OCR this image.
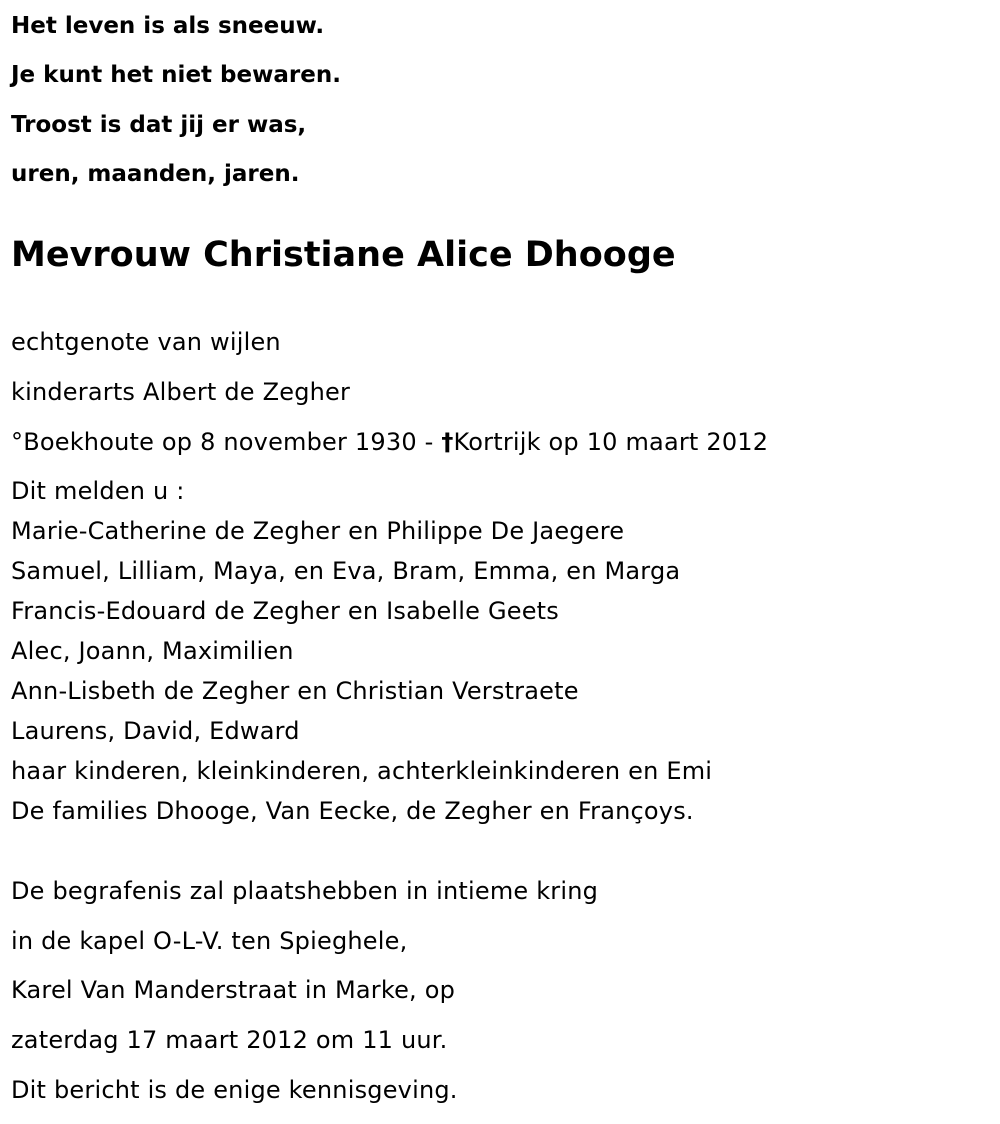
Het leven is als sneeuw.
Je kunt het niet bewaren.
Troost is dat jij er was,
uren, maanden, jaren.
Mevrouw Christiane Alice Dhooge
echtgenote van wijlen
kinderarts Albert de Zegher
°Boekhoute op 8 november 1930 - †Kortrijk op 10 maart 2012
Dit melden u :
Marie-Catherine de Zegher en Philippe De Jaegere
Samuel, Lilliam, Maya, en Eva, Bram, Emma, en Marga
Francis-Edouard de Zegher en Isabelle Geets
Alec, Joann, Maximilien
Ann-Lisbeth de Zegher en Christian Verstraete
Laurens, David, Edward
haar kinderen, kleinkinderen, achterkleinkinderen en Emi
De families Dhooge, Van Eecke, de Zegher en Françoys.
De begrafenis zal plaatshebben in intieme kring
in de kapel O-L-V. ten Spieghele,
Karel Van Manderstraat in Marke, op
zaterdag 17 maart 2012 om 11 uur.
Dit bericht is de enige kennisgeving.
